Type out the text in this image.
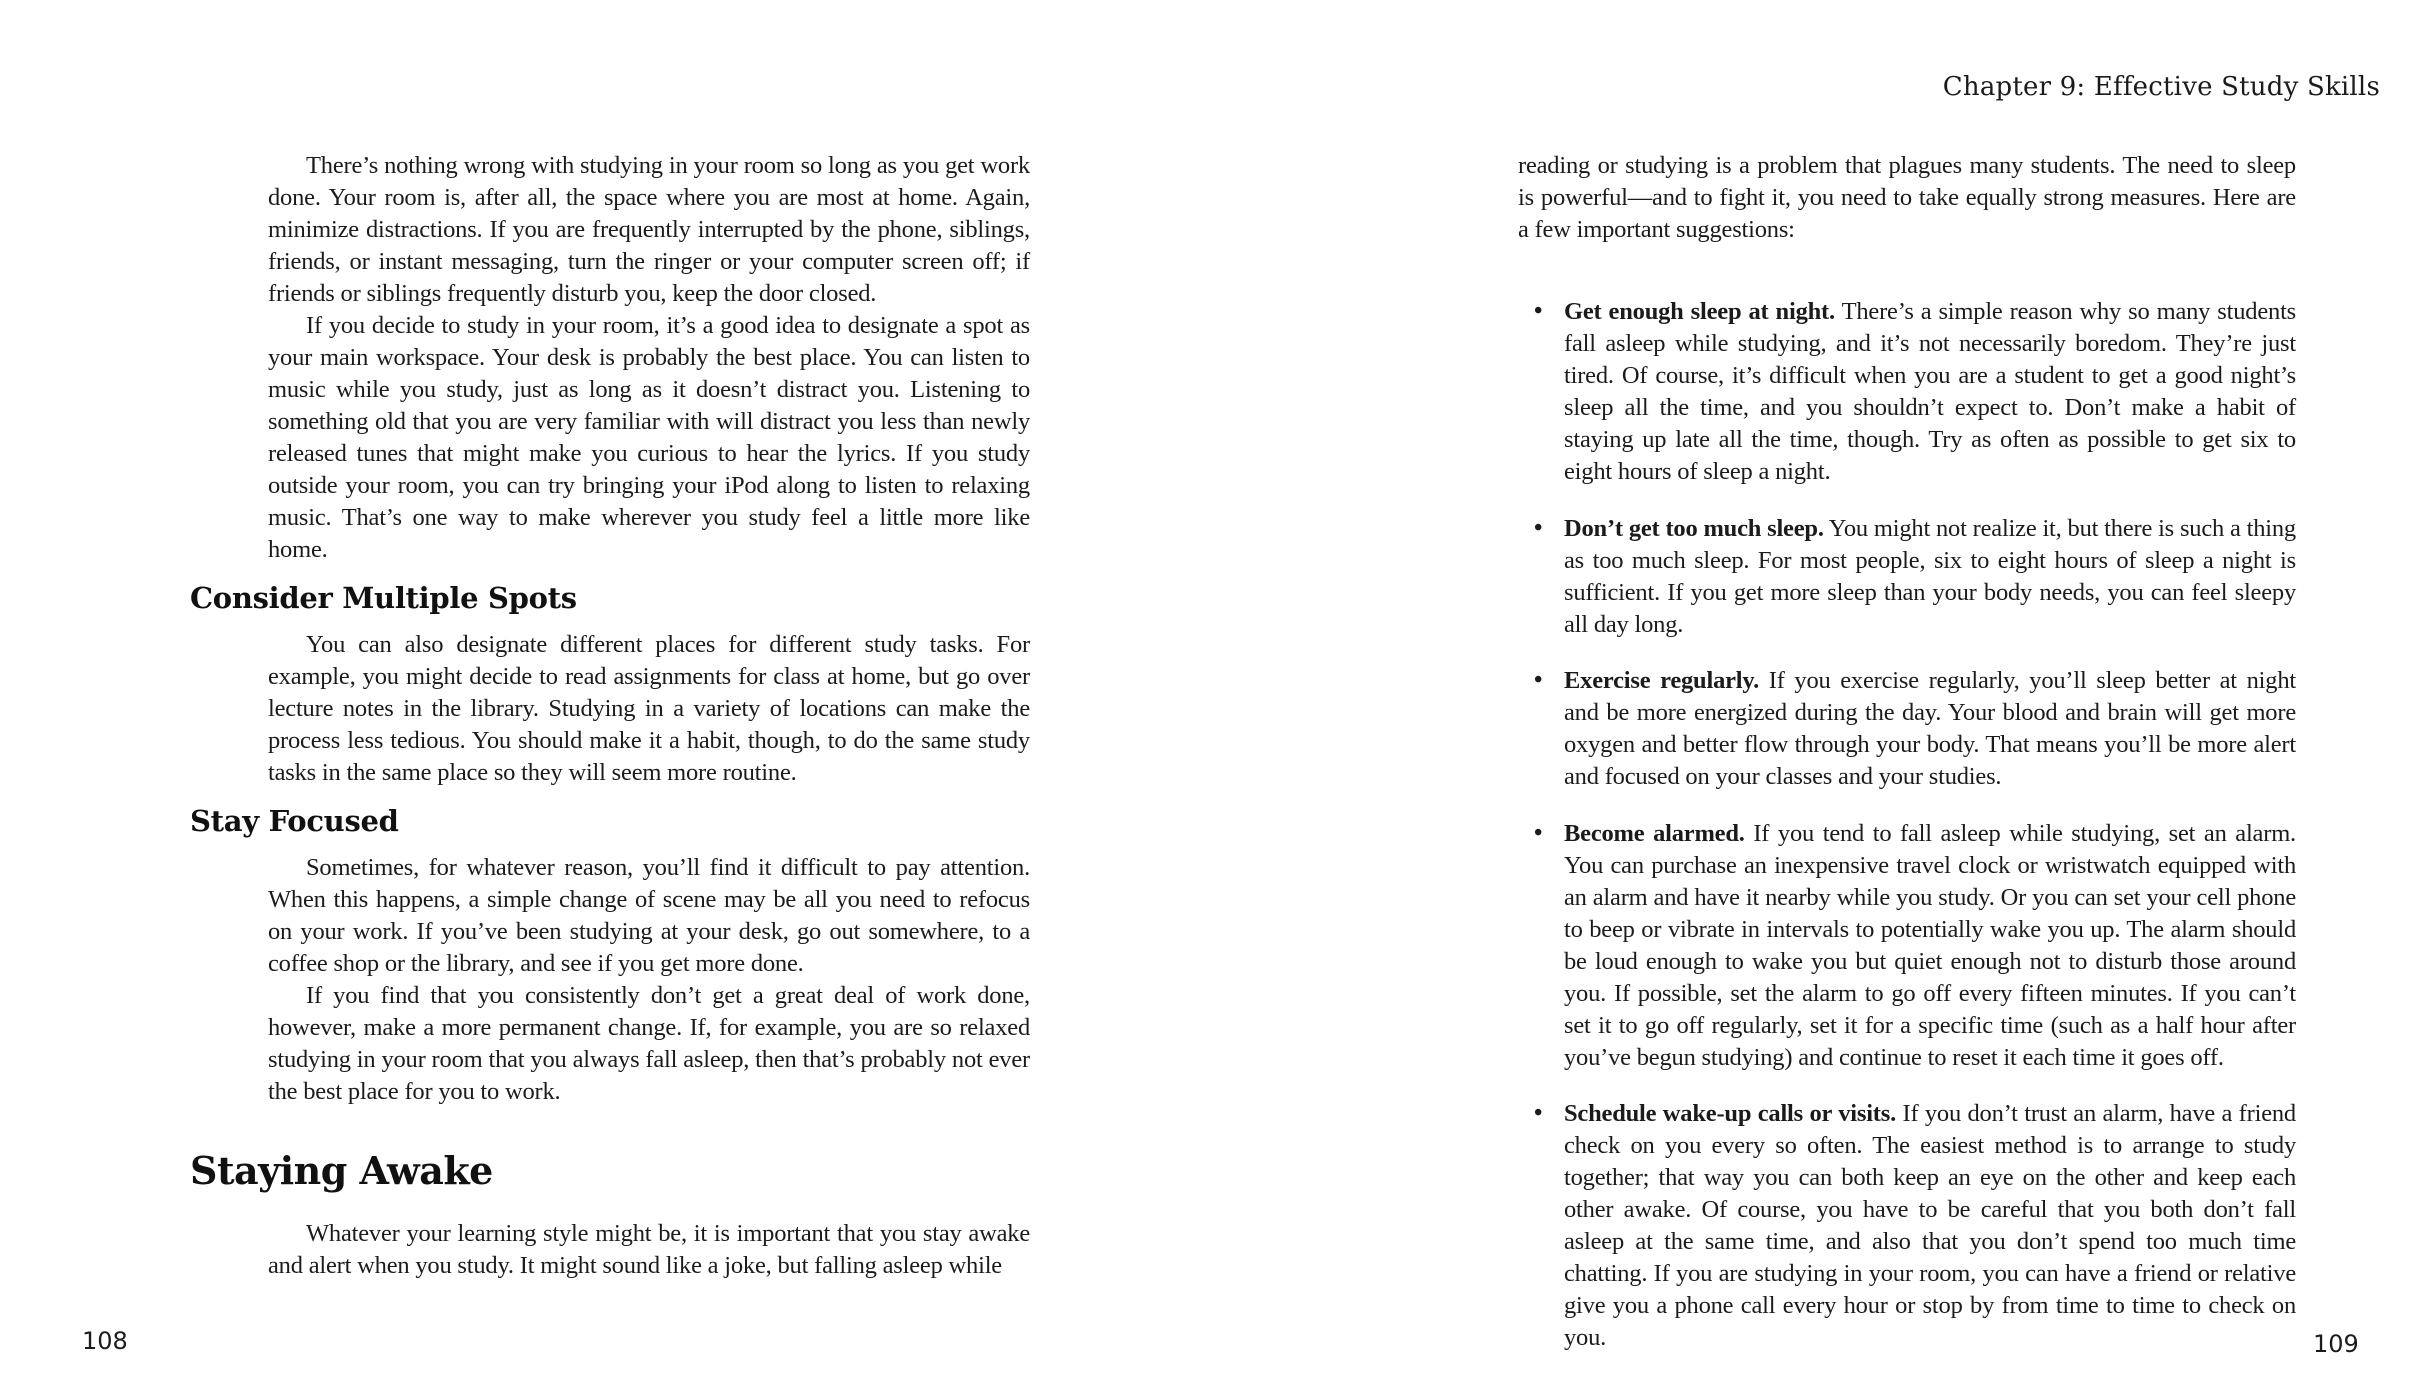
Chapter 9: Effective Study Skills

There’s nothing wrong with studying in your room so long as you get work done. Your room is, after all, the space where you are most at home. Again, minimize distractions. If you are frequently interrupted by the phone, siblings, friends, or instant messaging, turn the ringer or your computer screen off; if friends or siblings frequently disturb you, keep the door closed.

If you decide to study in your room, it’s a good idea to designate a spot as your main workspace. Your desk is probably the best place. You can listen to music while you study, just as long as it doesn’t distract you. Listening to something old that you are very familiar with will distract you less than newly released tunes that might make you curious to hear the lyrics. If you study outside your room, you can try bringing your iPod along to listen to relaxing music. That’s one way to make wherever you study feel a little more like home.

Consider Multiple Spots

You can also designate different places for different study tasks. For example, you might decide to read assignments for class at home, but go over lecture notes in the library. Studying in a variety of locations can make the process less tedious. You should make it a habit, though, to do the same study tasks in the same place so they will seem more routine.

Stay Focused

Sometimes, for whatever reason, you’ll find it difficult to pay attention. When this happens, a simple change of scene may be all you need to refocus on your work. If you’ve been studying at your desk, go out somewhere, to a coffee shop or the library, and see if you get more done.

If you find that you consistently don’t get a great deal of work done, however, make a more permanent change. If, for example, you are so relaxed studying in your room that you always fall asleep, then that’s probably not ever the best place for you to work.

Staying Awake

Whatever your learning style might be, it is important that you stay awake and alert when you study. It might sound like a joke, but falling asleep while

reading or studying is a problem that plagues many students. The need to sleep is powerful—and to fight it, you need to take equally strong measures. Here are a few important suggestions:

• Get enough sleep at night. There’s a simple reason why so many students fall asleep while studying, and it’s not necessarily boredom. They’re just tired. Of course, it’s difficult when you are a student to get a good night’s sleep all the time, and you shouldn’t expect to. Don’t make a habit of staying up late all the time, though. Try as often as possible to get six to eight hours of sleep a night.

• Don’t get too much sleep. You might not realize it, but there is such a thing as too much sleep. For most people, six to eight hours of sleep a night is sufficient. If you get more sleep than your body needs, you can feel sleepy all day long.

• Exercise regularly. If you exercise regularly, you’ll sleep better at night and be more energized during the day. Your blood and brain will get more oxygen and better flow through your body. That means you’ll be more alert and focused on your classes and your studies.

• Become alarmed. If you tend to fall asleep while studying, set an alarm. You can purchase an inexpensive travel clock or wristwatch equipped with an alarm and have it nearby while you study. Or you can set your cell phone to beep or vibrate in intervals to potentially wake you up. The alarm should be loud enough to wake you but quiet enough not to disturb those around you. If possible, set the alarm to go off every fifteen minutes. If you can’t set it to go off regularly, set it for a specific time (such as a half hour after you’ve begun studying) and continue to reset it each time it goes off.

• Schedule wake-up calls or visits. If you don’t trust an alarm, have a friend check on you every so often. The easiest method is to arrange to study together; that way you can both keep an eye on the other and keep each other awake. Of course, you have to be careful that you both don’t fall asleep at the same time, and also that you don’t spend too much time chatting. If you are studying in your room, you can have a friend or relative give you a phone call every hour or stop by from time to time to check on you.

108	109
